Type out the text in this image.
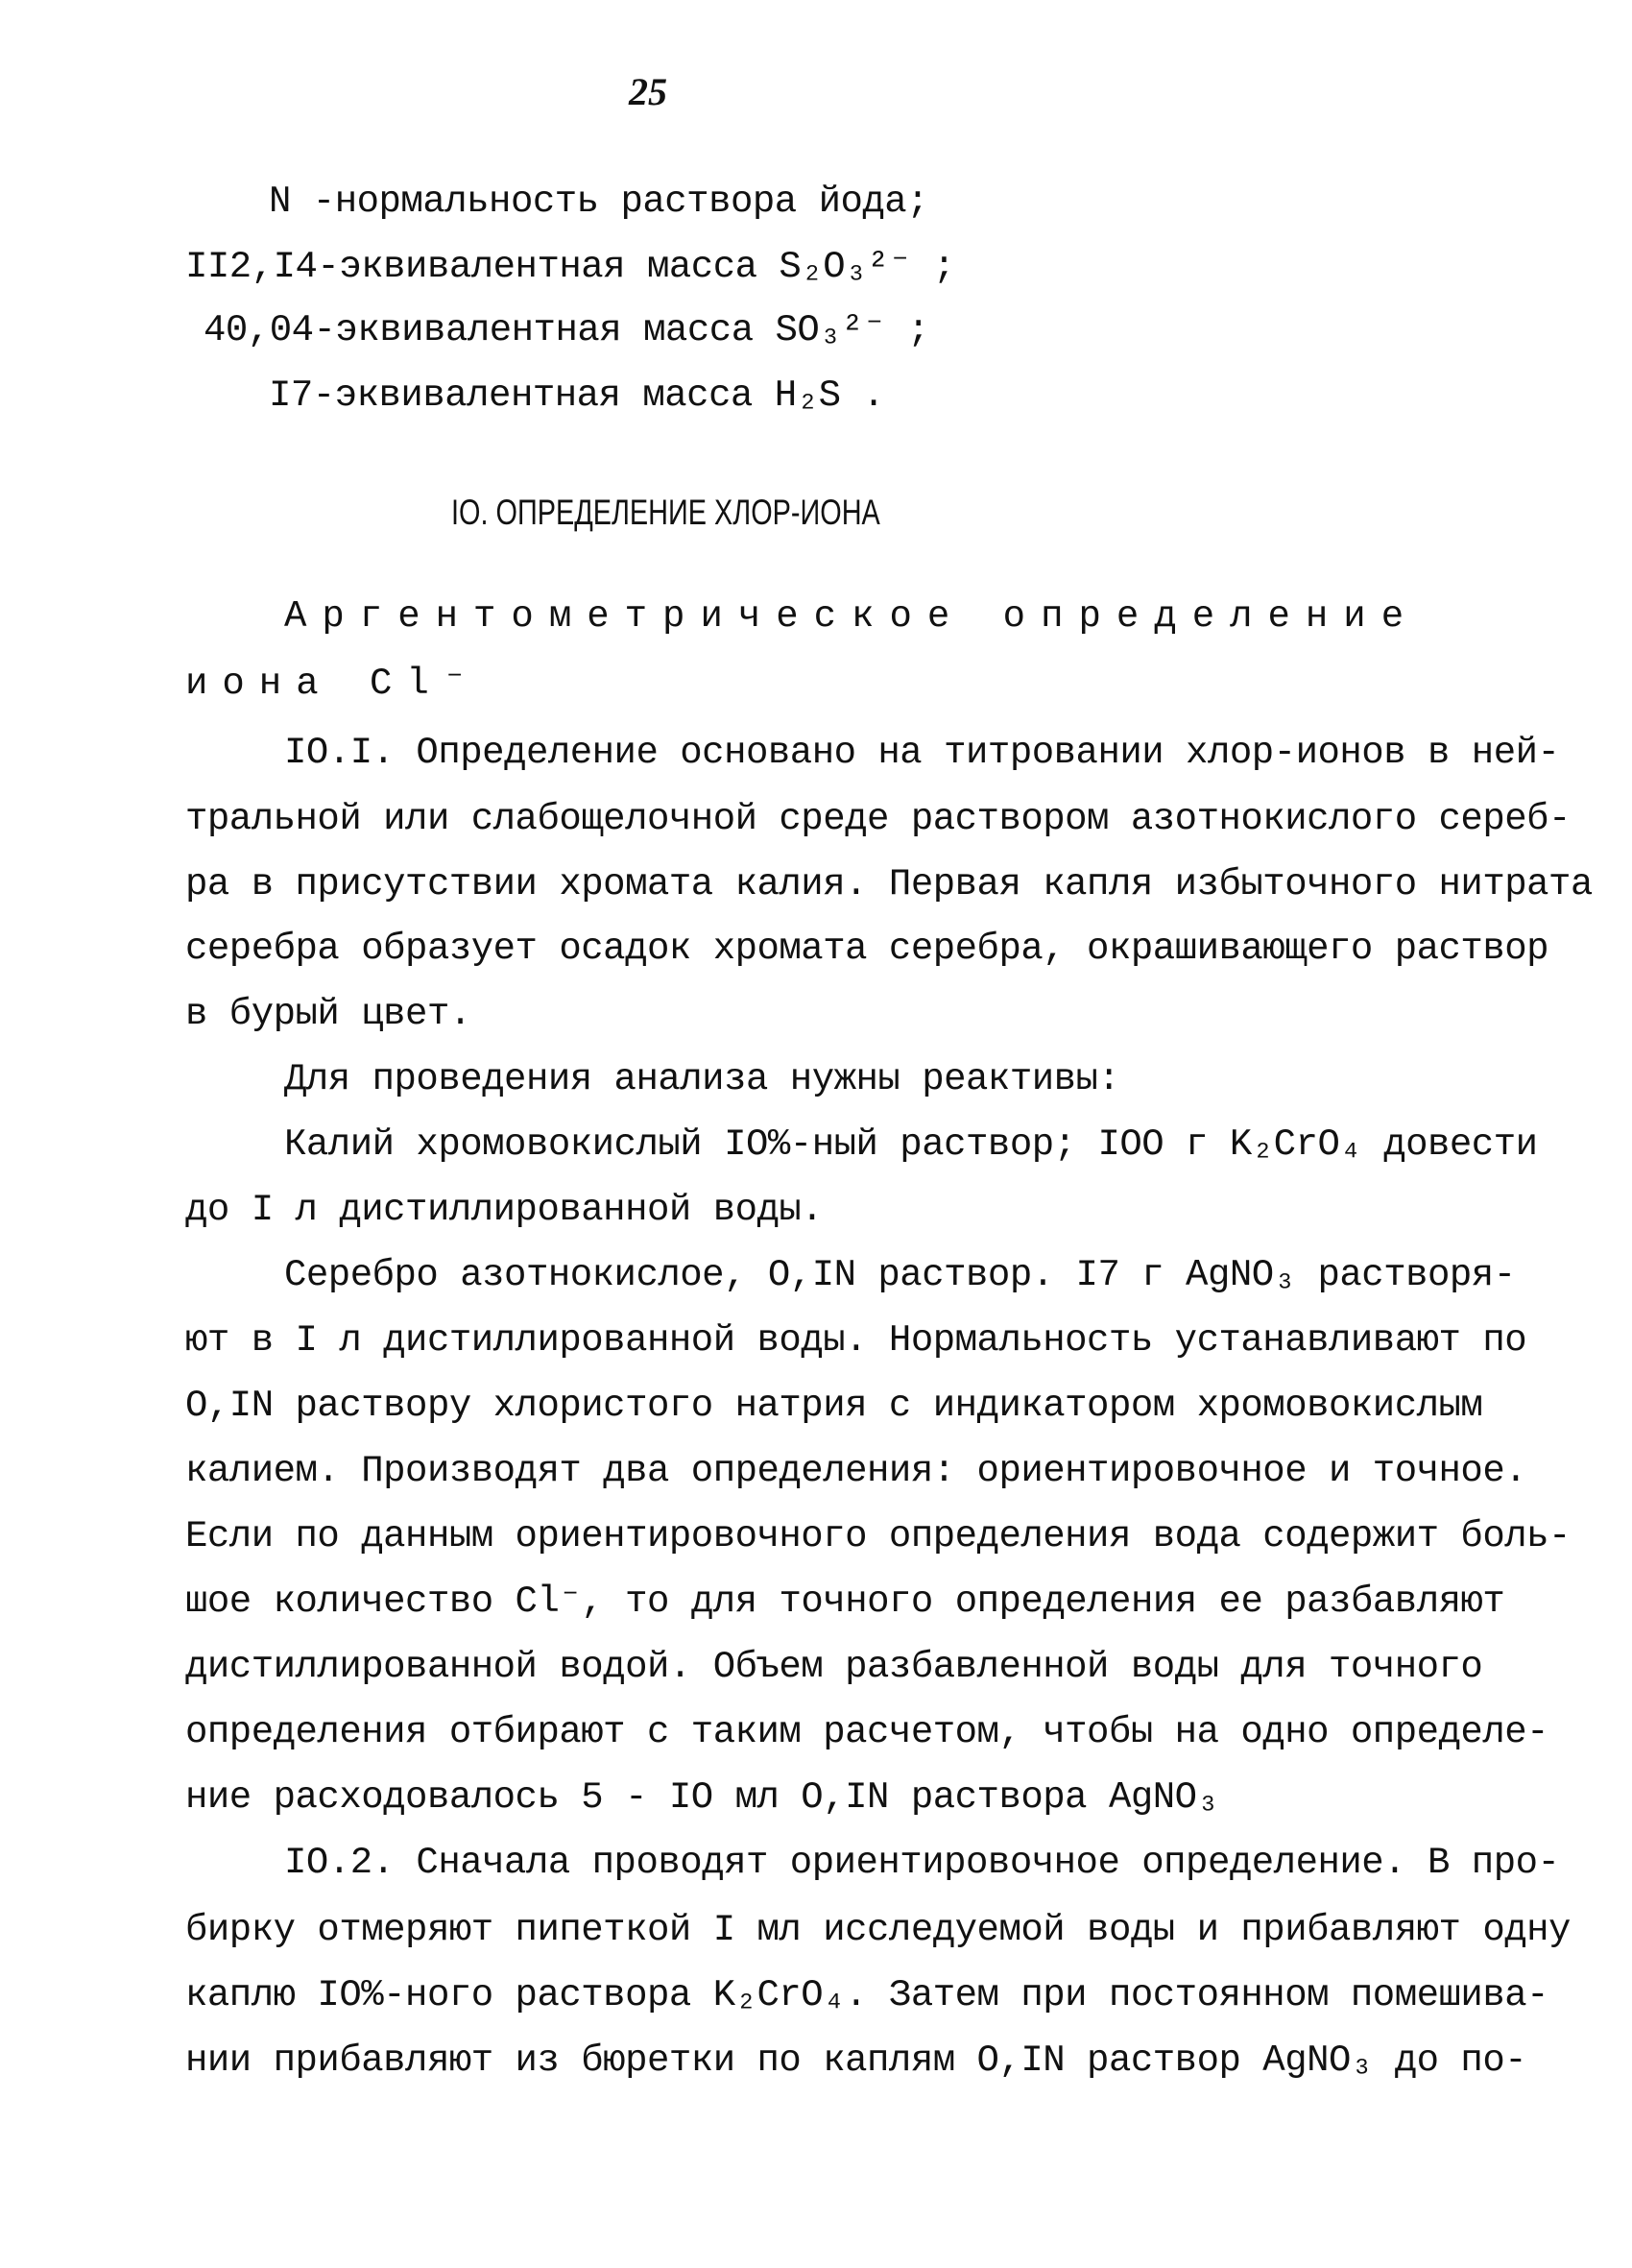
25
N -нормальность раствора йода;
II2,I4-эквивалентная масса S₂O₃²⁻ ;
40,04-эквивалентная масса SO₃²⁻ ;
I7-эквивалентная масса H₂S .
IO. ОПРЕДЕЛЕНИЕ ХЛОР-ИОНА
Аргентометрическое определение
иона Cl⁻
IO.I. Определение основано на титровании хлор-ионов в ней-
тральной или слабощелочной среде раствором азотнокислого сереб-
ра в присутствии хромата калия. Первая капля избыточного нитрата
серебра образует осадок хромата серебра, окрашивающего раствор
в бурый цвет.
Для проведения анализа нужны реактивы:
Калий хромовокислый IO%-ный раствор; IOO г K₂CrO₄ довести
до I л дистиллированной воды.
Серебро азотнокислое, O,IN раствор. I7 г AgNO₃ растворя-
ют в I л дистиллированной воды. Нормальность устанавливают по
O,IN раствору хлористого натрия с индикатором хромовокислым
калием. Производят два определения: ориентировочное и точное.
Если по данным ориентировочного определения вода содержит боль-
шое количество Cl⁻, то для точного определения ее разбавляют
дистиллированной водой. Объем разбавленной воды для точного
определения отбирают с таким расчетом, чтобы на одно определе-
ние расходовалось 5 - IO мл O,IN раствора AgNO₃
IO.2. Сначала проводят ориентировочное определение. В про-
бирку отмеряют пипеткой I мл исследуемой воды и прибавляют одну
каплю IO%-ного раствора K₂CrO₄. Затем при постоянном помешива-
нии прибавляют из бюретки по каплям O,IN раствор AgNO₃ до по-
